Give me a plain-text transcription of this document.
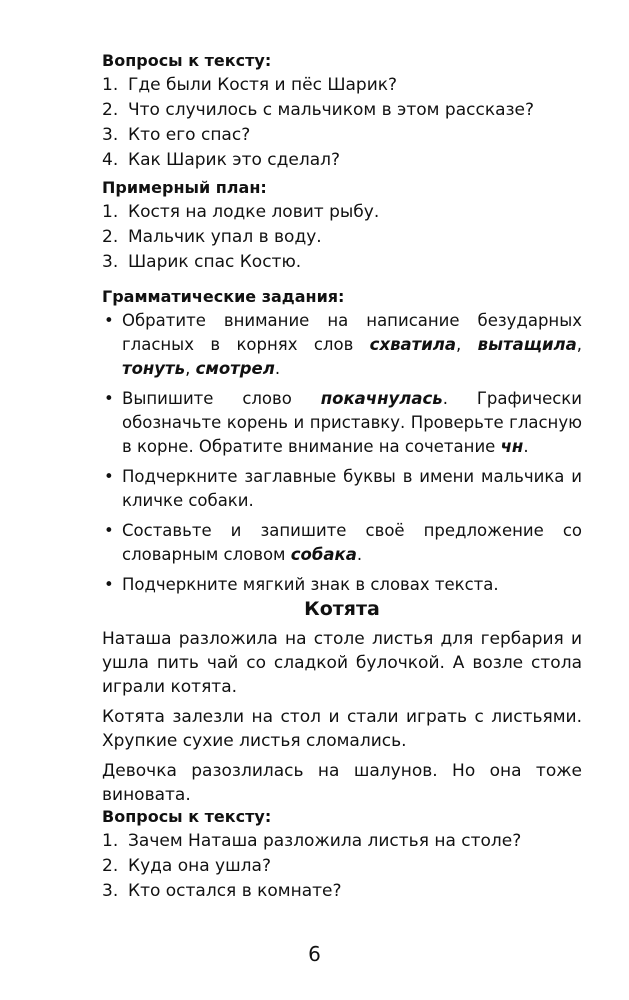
Вопросы к тексту:

1. Где были Костя и пёс Шарик?
2. Что случилось с мальчиком в этом рассказе?
3. Кто его спас?
4. Как Шарик это сделал?

Примерный план:

1. Костя на лодке ловит рыбу.
2. Мальчик упал в воду.
3. Шарик спас Костю.

Грамматические задания:

• Обратите внимание на написание безударных гласных в корнях слов схватила, вытащила, тонуть, смотрел.
• Выпишите слово покачнулась. Графически обозначьте корень и приставку. Проверьте гласную в корне. Обратите внимание на сочетание чн.
• Подчеркните заглавные буквы в имени мальчика и кличке собаки.
• Составьте и запишите своё предложение со словарным словом собака.
• Подчеркните мягкий знак в словах текста.
Котята

Наташа разложила на столе листья для гербария и ушла пить чай со сладкой булочкой. А возле стола играли котята.

Котята залезли на стол и стали играть с листьями. Хрупкие сухие листья сломались.

Девочка разозлилась на шалунов. Но она тоже виновата.

Вопросы к тексту:

1. Зачем Наташа разложила листья на столе?
2. Куда она ушла?
3. Кто остался в комнате?
6
